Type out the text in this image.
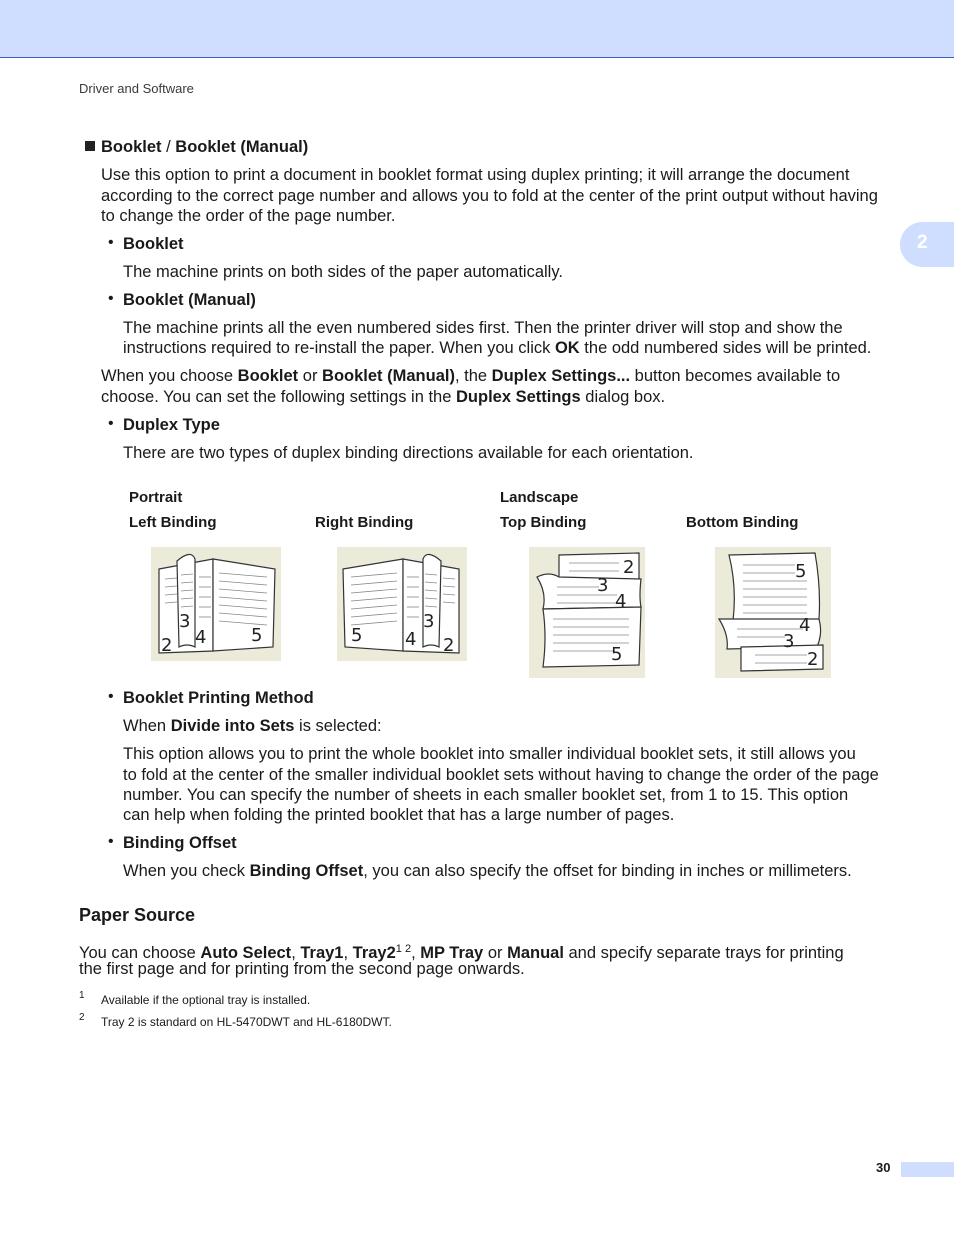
Driver and Software
2
Booklet / Booklet (Manual)
Use this option to print a document in booklet format using duplex printing; it will arrange the document
according to the correct page number and allows you to fold at the center of the print output without having
to change the order of the page number.
• Booklet
The machine prints on both sides of the paper automatically.
• Booklet (Manual)
The machine prints all the even numbered sides first. Then the printer driver will stop and show the
instructions required to re-install the paper. When you click OK the odd numbered sides will be printed.
When you choose Booklet or Booklet (Manual), the Duplex Settings... button becomes available to
choose. You can set the following settings in the Duplex Settings dialog box.
• Duplex Type
There are two types of duplex binding directions available for each orientation.
Portrait	Landscape
Left Binding	Right Binding	Top Binding	Bottom Binding
3
2 4 5	5 4
3
2
2
3
4
5
5
4
3
2
• Booklet Printing Method
When Divide into Sets is selected:
This option allows you to print the whole booklet into smaller individual booklet sets, it still allows you
to fold at the center of the smaller individual booklet sets without having to change the order of the page
number. You can specify the number of sheets in each smaller booklet set, from 1 to 15. This option
can help when folding the printed booklet that has a large number of pages.
• Binding Offset
When you check Binding Offset, you can also specify the offset for binding in inches or millimeters.
Paper Source
You can choose Auto Select, Tray1, $Tray2^{1 2}$, MP Tray or Manual and specify separate trays for printing
the first page and for printing from the second page onwards.
1 Available if the optional tray is installed.
2 Tray 2 is standard on HL-5470DWT and HL-6180DWT.
30
